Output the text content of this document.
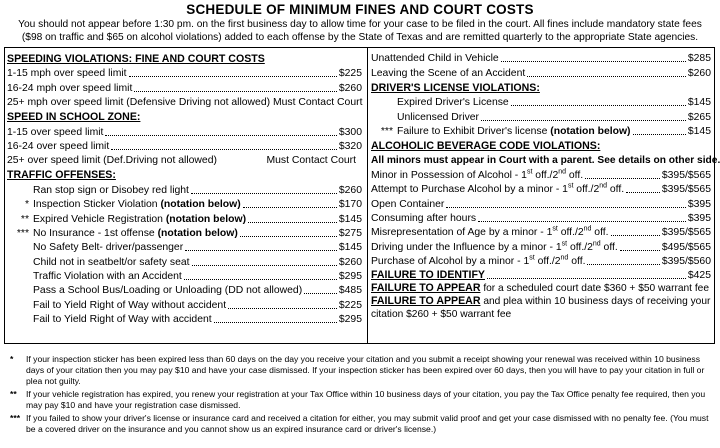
SCHEDULE OF MINIMUM FINES AND COURT COSTS
You should not appear before 1:30 pm. on the first business day to allow time for your case to be filed in the court. All fines include mandatory state fees
($98 on traffic and $65 on alcohol violations) added to each offense by the State of Texas and are remitted quarterly to the appropriate State agencies.
SPEEDING VIOLATIONS: FINE AND COURT COSTS
1-15 mph over speed limit	$225
16-24 mph over speed limit	$260
25+ mph over speed limit (Defensive Driving not allowed) Must Contact Court
SPEED IN SCHOOL ZONE:
1-15 over speed limit	$300
16-24 over speed limit	$320
25+ over speed limit (Def.Driving not allowed)	Must Contact Court
TRAFFIC OFFENSES:
Ran stop sign or Disobey red light	$260
* Inspection Sticker Violation (notation below)	$170
** Expired Vehicle Registration (notation below)	$145
*** No Insurance - 1st offense (notation below)	$275
No Safety Belt- driver/passenger	$145
Child not in seatbelt/or safety seat	$260
Traffic Violation with an Accident	$295
Pass a School Bus/Loading or Unloading (DD not allowed)	$485
Fail to Yield Right of Way without accident	$225
Fail to Yield Right of Way with accident	$295
Unattended Child in Vehicle	$285
Leaving the Scene of an Accident	$260
DRIVER'S LICENSE VIOLATIONS:
Expired Driver's License	$145
Unlicensed Driver	$265
*** Failure to Exhibit Driver's license (notation below)	$145
ALCOHOLIC BEVERAGE CODE VIOLATIONS:
All minors must appear in Court with a parent. See details on other side.
Minor in Possession of Alcohol - 1st off./2nd off.	$395/$565
Attempt to Purchase Alcohol by a minor - 1st off./2nd off.	$395/$565
Open Container	$395
Consuming after hours	$395
Misrepresentation of Age by a minor - 1st off./2nd off.	$395/$565
Driving under the Influence by a minor - 1st off./2nd off.	$495/$565
Purchase of Alcohol by a minor - 1st off./2nd off.	$395/$560
FAILURE TO IDENTIFY	$425
FAILURE TO APPEAR for a scheduled court date $360 + $50 warrant fee
FAILURE TO APPEAR and plea within 10 business days of receiving your citation $260 + $50 warrant fee
*	If your inspection sticker has been expired less than 60 days on the day you receive your citation and you submit a receipt showing your renewal was received within 10 business days of your citation then you may pay $10 and have your case dismissed. If your inspection sticker has been expired over 60 days, then you will have to pay your citation in full or plea not guilty.
**	If your vehicle registration has expired, you renew your registration at your Tax Office within 10 business days of your citation, you pay the Tax Office penalty fee required, then you may pay $10 and have your registration case dismissed.
*** If you failed to show your driver's license or insurance card and received a citation for either, you may submit valid proof and get your case dismissed with no penalty fee. (You must be a covered driver on the insurance and you cannot show us an expired insurance card or driver's license.)
